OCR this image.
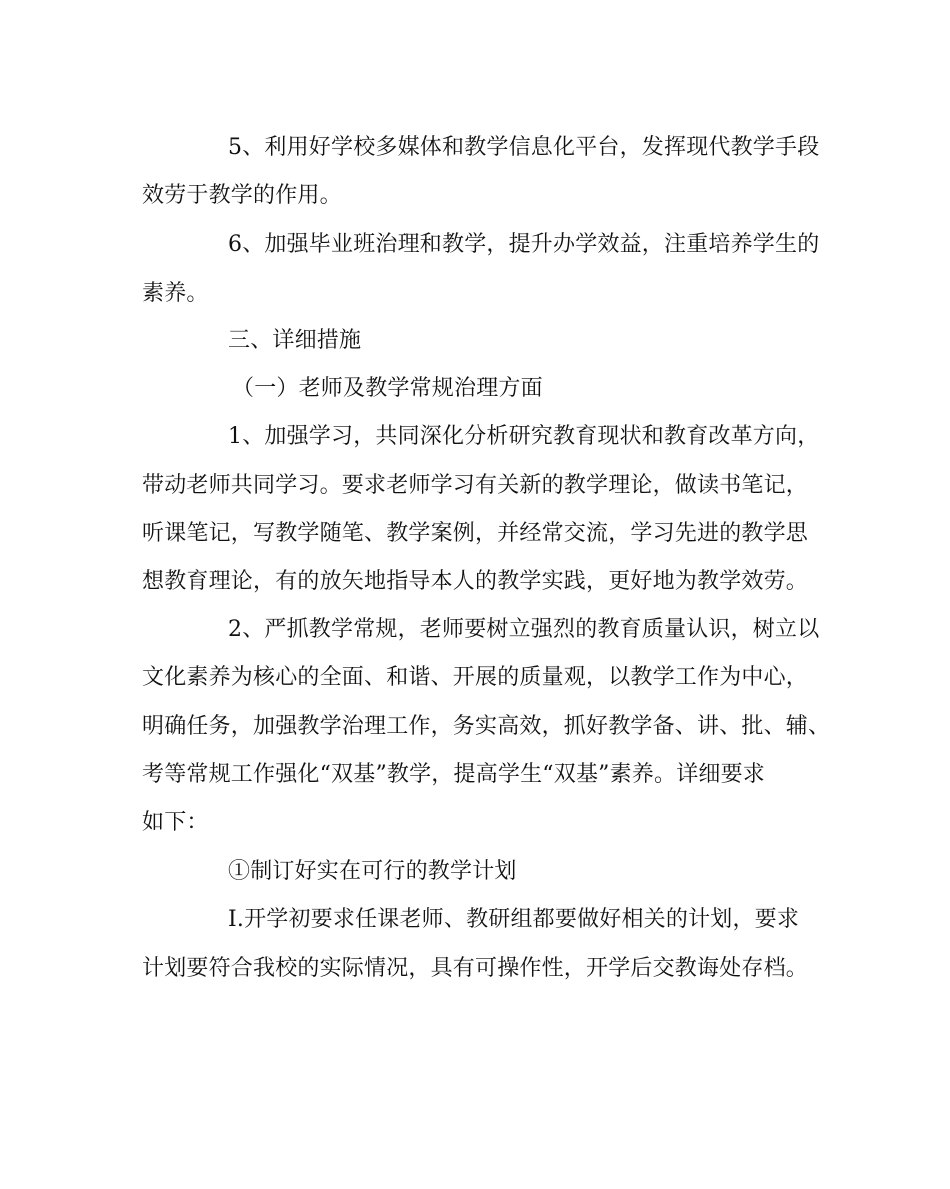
5、利用好学校多媒体和教学信息化平台，发挥现代教学手段
效劳于教学的作用。
6、加强毕业班治理和教学，提升办学效益，注重培养学生的
素养。
三、详细措施
（一）老师及教学常规治理方面
1、加强学习，共同深化分析研究教育现状和教育改革方向，
带动老师共同学习。要求老师学习有关新的教学理论，做读书笔记，
听课笔记，写教学随笔、教学案例，并经常交流，学习先进的教学思
想教育理论，有的放矢地指导本人的教学实践，更好地为教学效劳。
2、严抓教学常规，老师要树立强烈的教育质量认识，树立以
文化素养为核心的全面、和谐、开展的质量观，以教学工作为中心，
明确任务，加强教学治理工作，务实高效，抓好教学备、讲、批、辅、
考等常规工作强化“双基”教学，提高学生“双基”素养。详细要求
如下：
①制订好实在可行的教学计划
I.开学初要求任课老师、教研组都要做好相关的计划，要求
计划要符合我校的实际情况，具有可操作性，开学后交教诲处存档。
